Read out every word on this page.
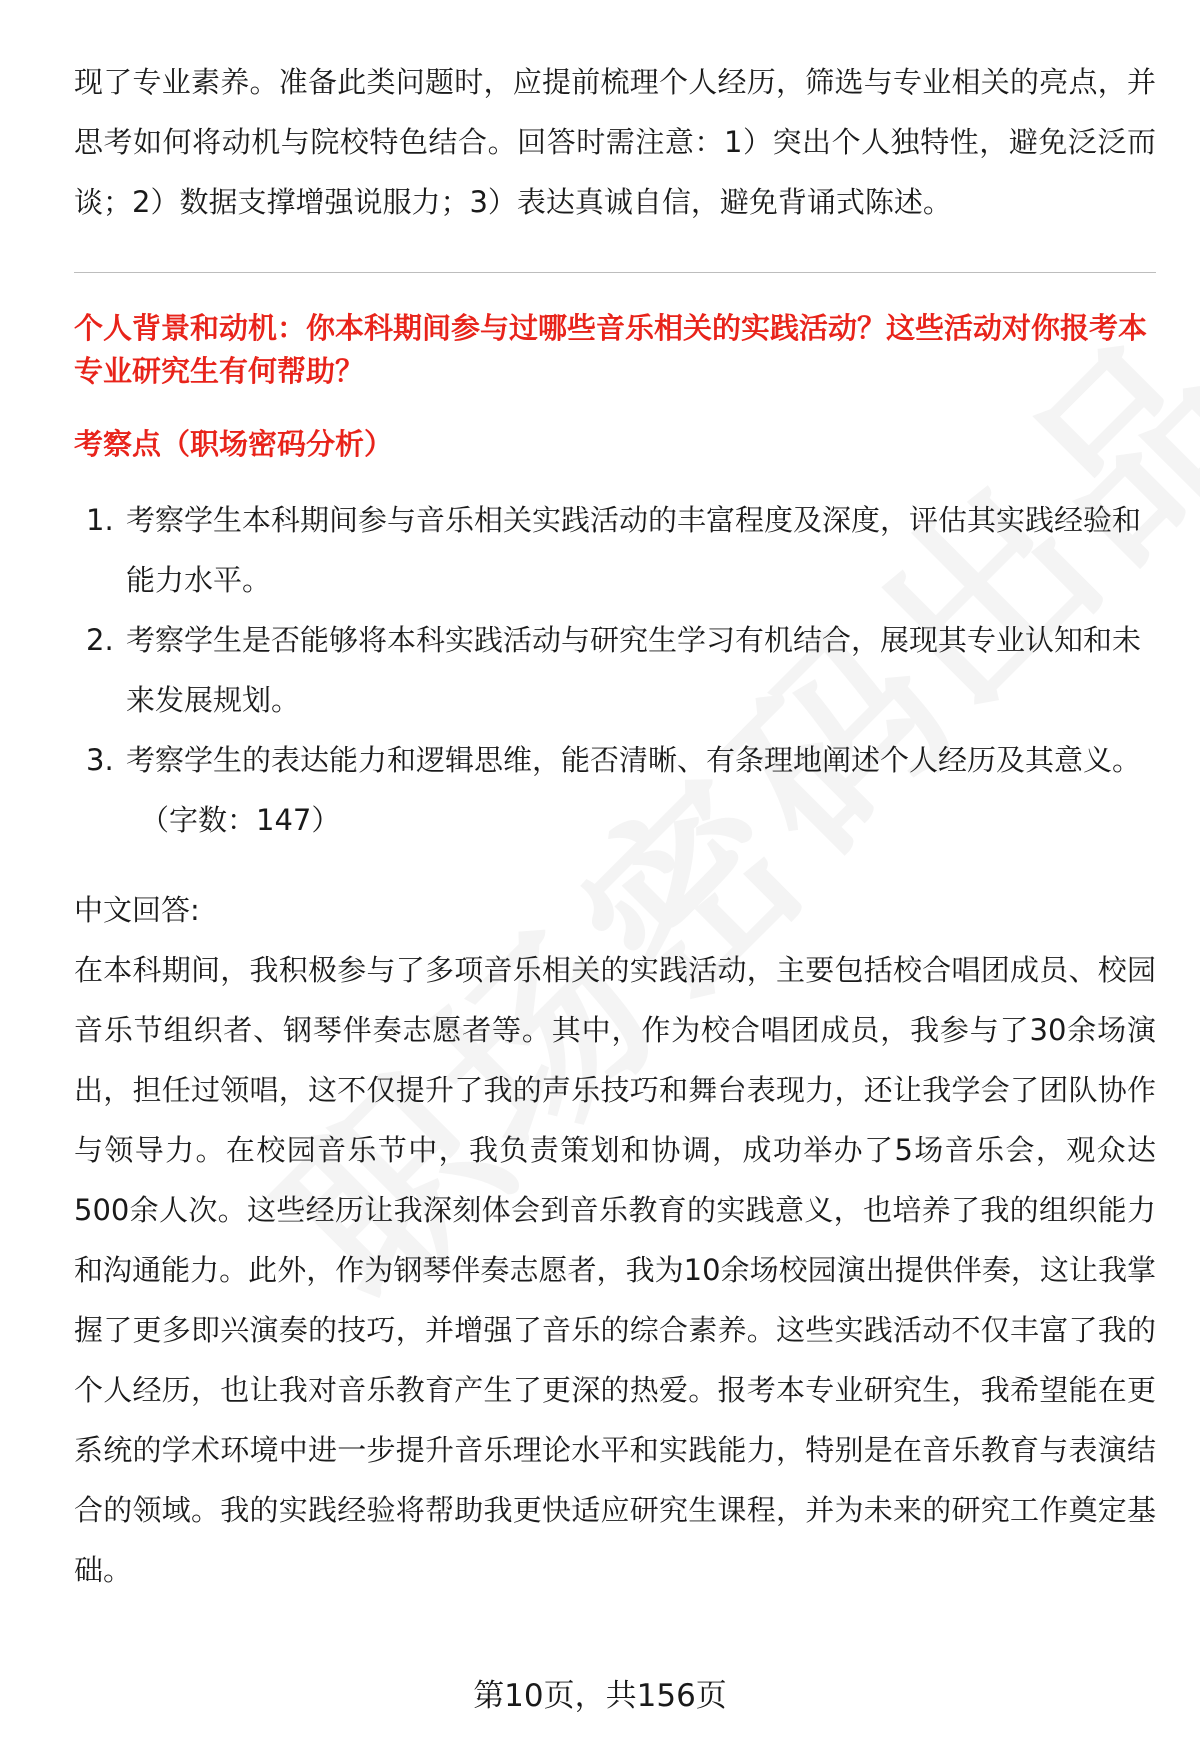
现了专业素养。准备此类问题时，应提前梳理个人经历，筛选与专业相关的亮点，并思考如何将动机与院校特色结合。回答时需注意：1）突出个人独特性，避免泛泛而谈；2）数据支撑增强说服力；3）表达真诚自信，避免背诵式陈述。

个人背景和动机：你本科期间参与过哪些音乐相关的实践活动？这些活动对你报考本专业研究生有何帮助？
考察点（职场密码分析）
1. 考察学生本科期间参与音乐相关实践活动的丰富程度及深度，评估其实践经验和能力水平。
2. 考察学生是否能够将本科实践活动与研究生学习有机结合，展现其专业认知和未来发展规划。
3. 考察学生的表达能力和逻辑思维，能否清晰、有条理地阐述个人经历及其意义。
（字数：147）
中文回答:

在本科期间，我积极参与了多项音乐相关的实践活动，主要包括校合唱团成员、校园音乐节组织者、钢琴伴奏志愿者等。其中，作为校合唱团成员，我参与了30余场演出，担任过领唱，这不仅提升了我的声乐技巧和舞台表现力，还让我学会了团队协作与领导力。在校园音乐节中，我负责策划和协调，成功举办了5场音乐会，观众达500余人次。这些经历让我深刻体会到音乐教育的实践意义，也培养了我的组织能力和沟通能力。此外，作为钢琴伴奏志愿者，我为10余场校园演出提供伴奏，这让我掌握了更多即兴演奏的技巧，并增强了音乐的综合素养。这些实践活动不仅丰富了我的个人经历，也让我对音乐教育产生了更深的热爱。报考本专业研究生，我希望能在更系统的学术环境中进一步提升音乐理论水平和实践能力，特别是在音乐教育与表演结合的领域。我的实践经验将帮助我更快适应研究生课程，并为未来的研究工作奠定基础。

第10页，共156页
